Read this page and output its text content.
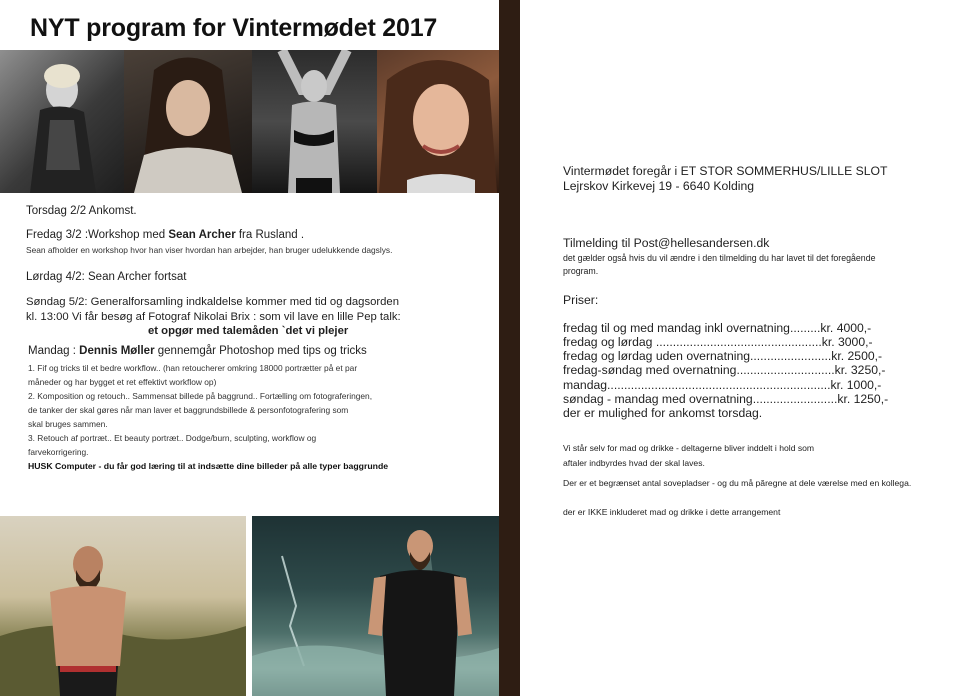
NYT program for Vintermødet 2017
Torsdag 2/2 Ankomst.
Fredag 3/2 :Workshop med Sean Archer fra Rusland .
Sean afholder en workshop hvor han viser hvordan han arbejder, han bruger udelukkende dagslys.
Lørdag 4/2: Sean Archer fortsat
Søndag 5/2: Generalforsamling indkaldelse kommer med tid og dagsorden
kl. 13:00 Vi får besøg af Fotograf Nikolai Brix : som vil lave en lille Pep talk:
et opgør med talemåden `det vi plejer
Mandag : Dennis Møller gennemgår Photoshop med tips og tricks
1. Fif og tricks til et bedre workflow.. (han retoucherer omkring 18000 portrætter på et par
måneder og har bygget et ret effektivt workflow op)
2. Komposition og retouch.. Sammensat billede på baggrund.. Fortælling om fotograferingen,
de tanker der skal gøres når man laver et baggrundsbillede & personfotografering som
skal bruges sammen.
3. Retouch af portræt.. Et beauty portræt.. Dodge/burn, sculpting, workflow og
farvekorrigering.
HUSK Computer - du får god læring til at indsætte dine billeder på alle typer baggrunde
Vintermødet foregår i ET STOR SOMMERHUS/LILLE SLOT
Lejrskov Kirkevej 19 - 6640 Kolding
Tilmelding til Post@hellesandersen.dk
det gælder også hvis du vil ændre i den tilmelding du har lavet til det foregående
program.
Priser:
fredag til og med mandag inkl overnatning.........kr. 4000,-
fredag og lørdag .................................................kr. 3000,-
fredag og lørdag uden overnatning........................kr. 2500,-
fredag-søndag med overnatning.............................kr. 3250,-
mandag..................................................................kr. 1000,-
søndag - mandag med overnatning.........................kr. 1250,-
der er mulighed for ankomst torsdag.
Vi står selv for mad og drikke - deltagerne bliver inddelt i hold som
aftaler indbyrdes hvad der skal laves.
Der er et begrænset antal sovepladser - og du må păregne at dele værelse med en kollega.
der er IKKE inkluderet mad og drikke i dette arrangement
